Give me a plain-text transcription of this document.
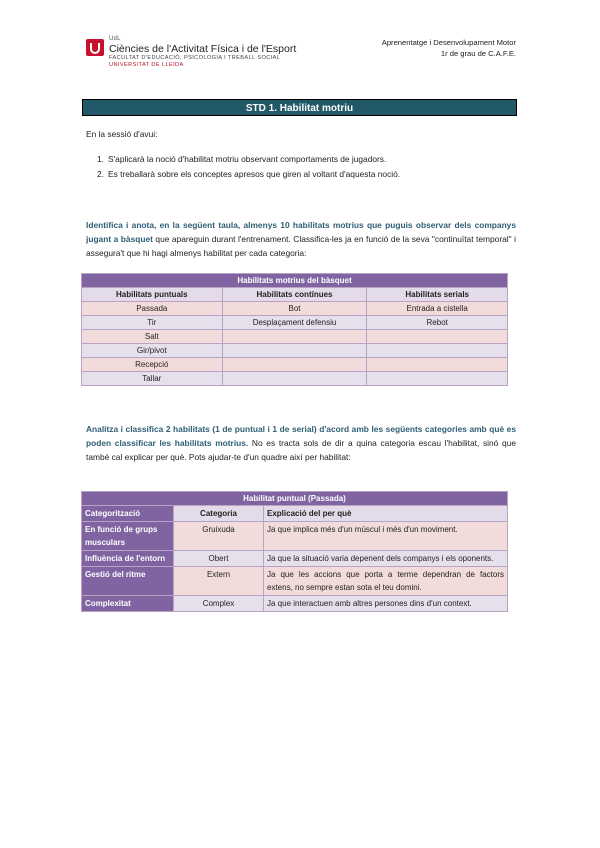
UdL
Ciències de l'Activitat Física i de l'Esport
FACULTAT D'EDUCACIÓ, PSICOLOGIA I TREBALL SOCIAL
UNIVERSITAT DE LLEIDA
Aprenentatge i Desenvolupament Motor
1r de grau de C.A.F.E.
STD 1. Habilitat motriu
En la sessió d'avui:
1. S'aplicarà la noció d'habilitat motriu observant comportaments de jugadors.
2. Es treballarà sobre els conceptes apresos que giren al voltant d'aquesta noció.
Identifica i anota, en la següent taula, almenys 10 habilitats motrius que puguis observar dels companys jugant a bàsquet que apareguin durant l'entrenament. Classifica-les ja en funció de la seva "continuïtat temporal" i assegura't que hi hagi almenys habilitat per cada categoria:
Habilitats motrius del bàsquet		
Habilitats puntuals	Habilitats contínues	Habilitats serials
Passada	Bot	Entrada a cistella
Tir	Desplaçament defensiu	Rebot
Salt		
Gir/pivot		
Recepció		
Tallar		
Analitza i classifica 2 habilitats (1 de puntual i 1 de serial) d'acord amb les següents categories amb què es poden classificar les habilitats motrius. No es tracta sols de dir a quina categoria escau l'habilitat, sinó que també cal explicar per què. Pots ajudar-te d'un quadre així per habilitat:
Habilitat puntual (Passada)		
Categorització	Categoria	Explicació del per què
En funció de grups musculars	Gruixuda	Ja que implica més d'un múscul i més d'un moviment.
Influència de l'entorn	Obert	Ja que la situació varia depenent dels companys i els oponents.
Gestió del ritme	Extern	Ja que les accions que porta a terme dependran de factors extens, no sempre estan sota el teu domini.
Complexitat	Complex	Ja que interactuen amb altres persones dins d'un context.
